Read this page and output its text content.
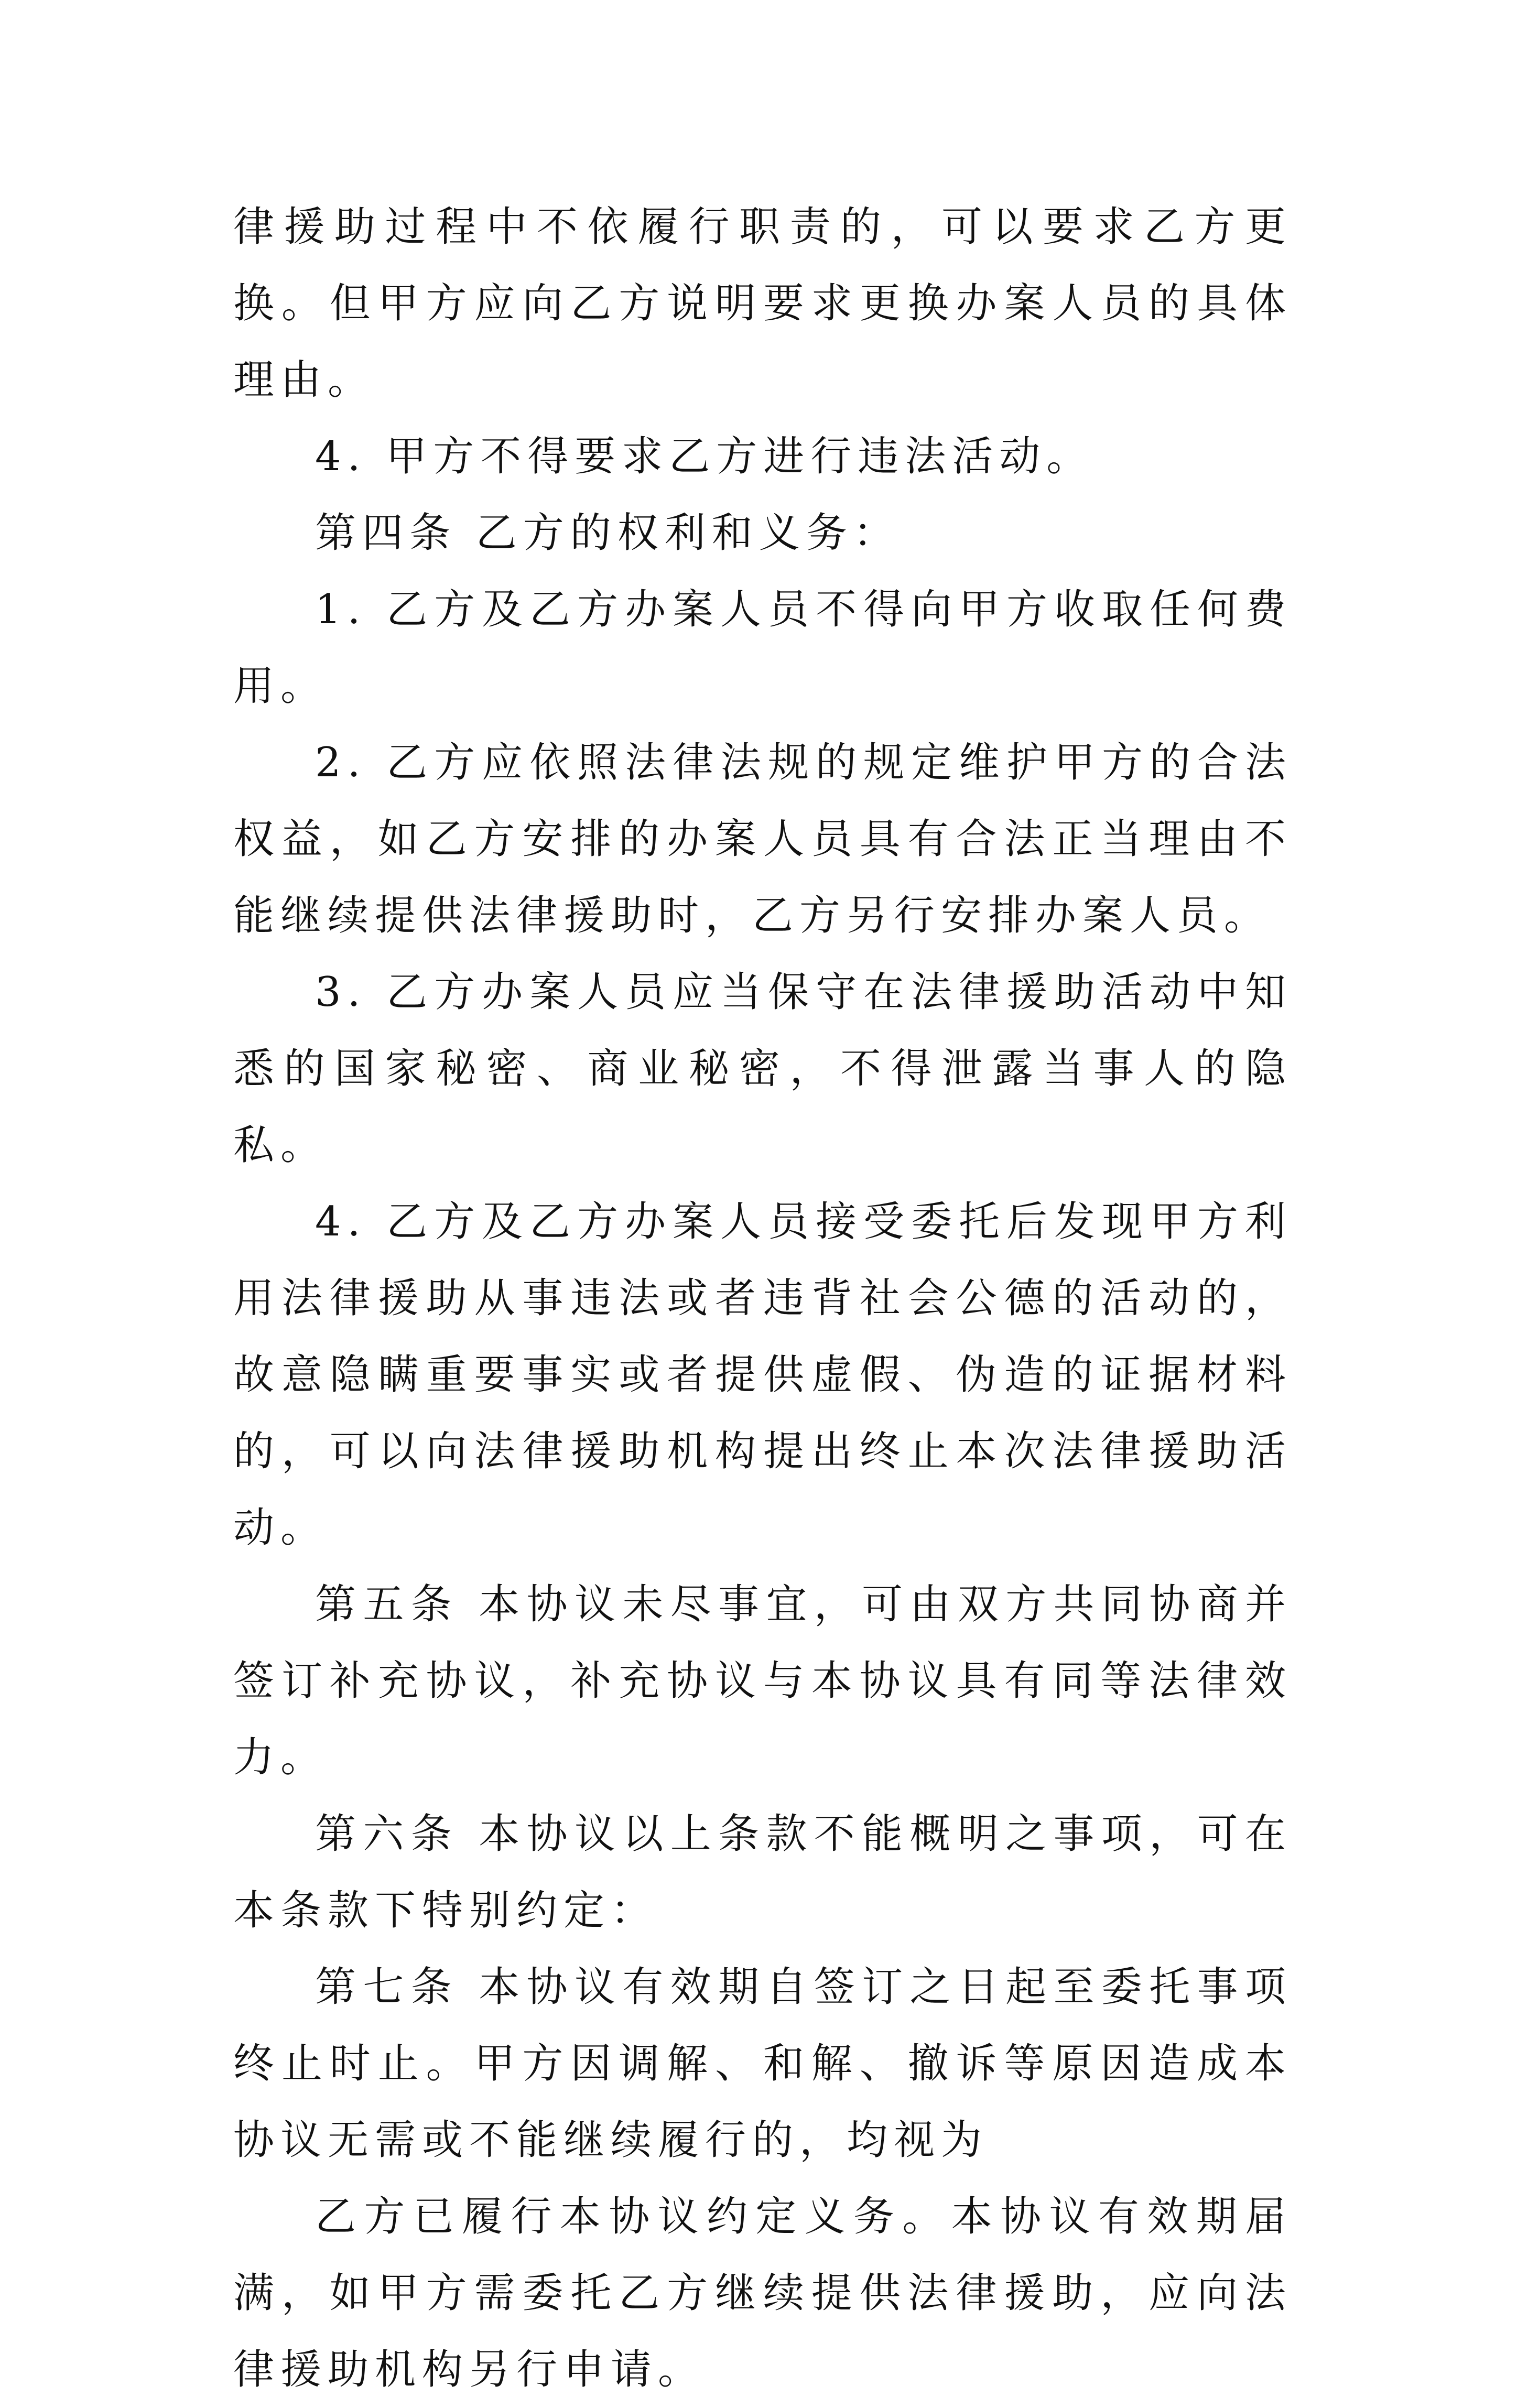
律援助过程中不依履行职责的，可以要求乙方更换。但甲方应向乙方说明要求更换办案人员的具体理由。

4. 甲方不得要求乙方进行违法活动。

第四条 乙方的权利和义务：

1. 乙方及乙方办案人员不得向甲方收取任何费用。

2. 乙方应依照法律法规的规定维护甲方的合法权益，如乙方安排的办案人员具有合法正当理由不能继续提供法律援助时，乙方另行安排办案人员。

3. 乙方办案人员应当保守在法律援助活动中知悉的国家秘密、商业秘密，不得泄露当事人的隐私。

4. 乙方及乙方办案人员接受委托后发现甲方利用法律援助从事违法或者违背社会公德的活动的，故意隐瞒重要事实或者提供虚假、伪造的证据材料的，可以向法律援助机构提出终止本次法律援助活动。

第五条 本协议未尽事宜，可由双方共同协商并签订补充协议，补充协议与本协议具有同等法律效力。

第六条 本协议以上条款不能概明之事项，可在本条款下特别约定：

第七条 本协议有效期自签订之日起至委托事项终止时止。甲方因调解、和解、撤诉等原因造成本协议无需或不能继续履行的，均视为

乙方已履行本协议约定义务。本协议有效期届满，如甲方需委托乙方继续提供法律援助，应向法律援助机构另行申请。
